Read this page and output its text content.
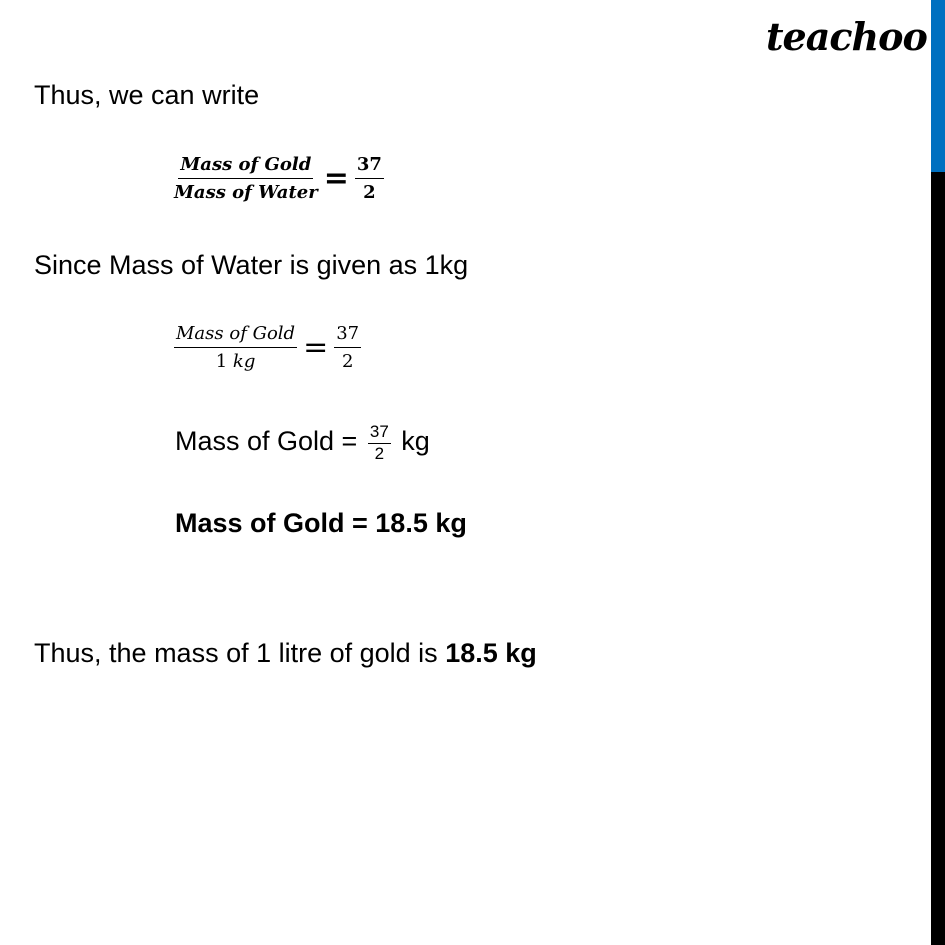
teachoo
Thus, we can write
Mass of Gold
Mass of Water = $\frac{37}{2}$
Since Mass of Water is given as 1kg
Mass of Gold
1 kg = $\frac{37}{2}$
Mass of Gold = $\frac{37}{2}$ kg
Mass of Gold = 18.5 kg
Thus, the mass of 1 litre of gold is 18.5 kg
